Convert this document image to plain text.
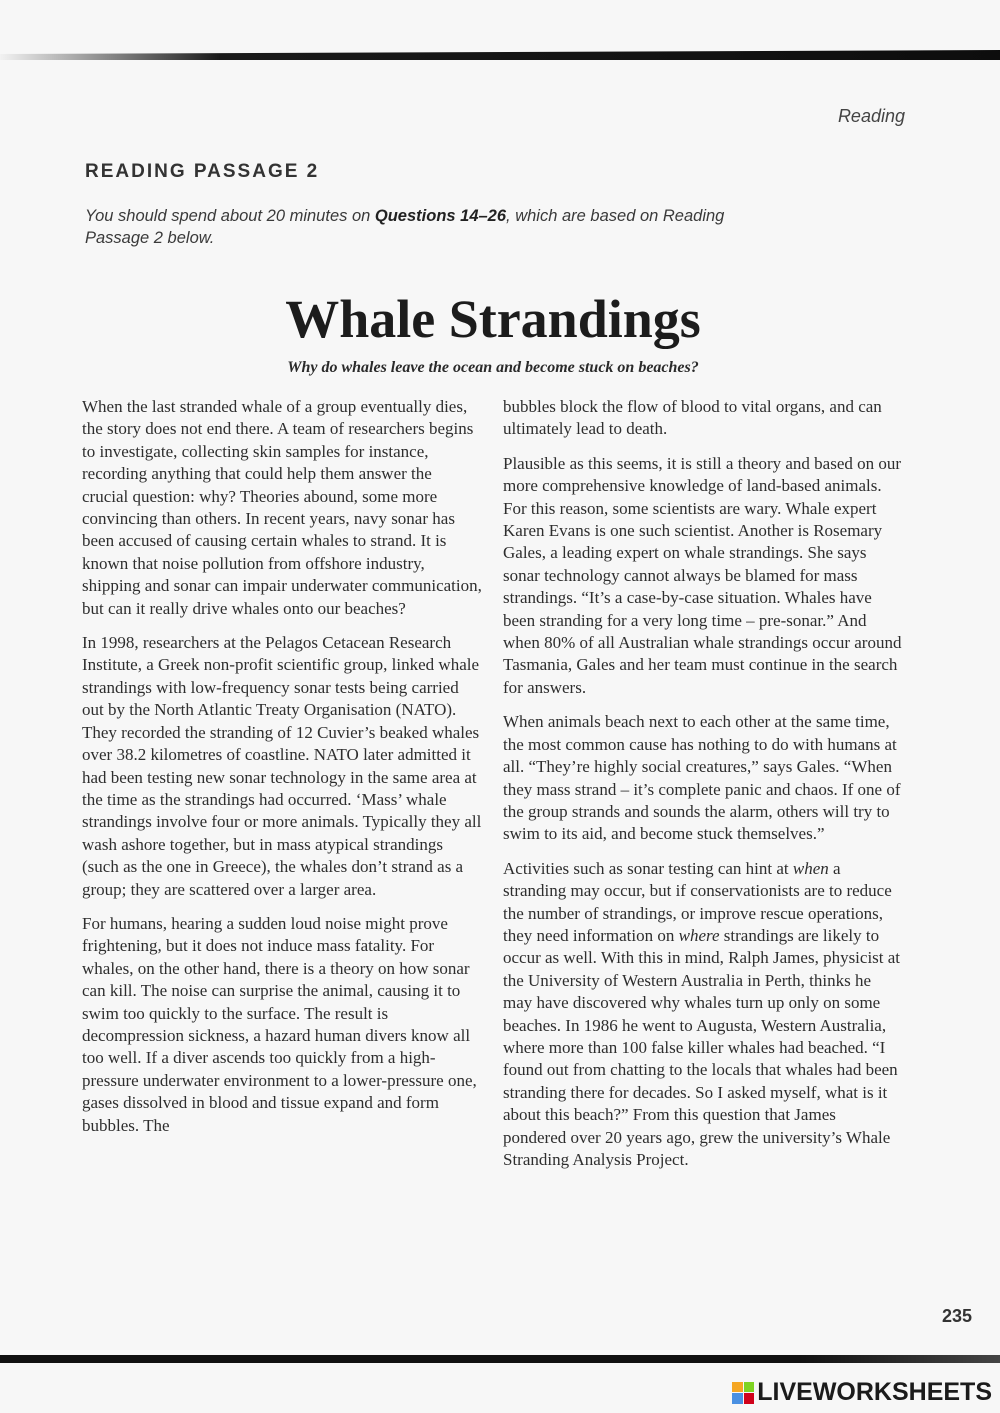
Reading
READING PASSAGE 2

You should spend about 20 minutes on Questions 14–26, which are based on Reading Passage 2 below.

Whale Strandings
Why do whales leave the ocean and become stuck on beaches?

When the last stranded whale of a group eventually dies, the story does not end there. A team of researchers begins to investigate, collecting skin samples for instance, recording anything that could help them answer the crucial question: why? Theories abound, some more convincing than others. In recent years, navy sonar has been accused of causing certain whales to strand. It is known that noise pollution from offshore industry, shipping and sonar can impair underwater communication, but can it really drive whales onto our beaches?

In 1998, researchers at the Pelagos Cetacean Research Institute, a Greek non-profit scientific group, linked whale strandings with low-frequency sonar tests being carried out by the North Atlantic Treaty Organisation (NATO). They recorded the stranding of 12 Cuvier’s beaked whales over 38.2 kilometres of coastline. NATO later admitted it had been testing new sonar technology in the same area at the time as the strandings had occurred. ‘Mass’ whale strandings involve four or more animals. Typically they all wash ashore together, but in mass atypical strandings (such as the one in Greece), the whales don’t strand as a group; they are scattered over a larger area.

For humans, hearing a sudden loud noise might prove frightening, but it does not induce mass fatality. For whales, on the other hand, there is a theory on how sonar can kill. The noise can surprise the animal, causing it to swim too quickly to the surface. The result is decompression sickness, a hazard human divers know all too well. If a diver ascends too quickly from a high-pressure underwater environment to a lower-pressure one, gases dissolved in blood and tissue expand and form bubbles. The

bubbles block the flow of blood to vital organs, and can ultimately lead to death.

Plausible as this seems, it is still a theory and based on our more comprehensive knowledge of land-based animals. For this reason, some scientists are wary. Whale expert Karen Evans is one such scientist. Another is Rosemary Gales, a leading expert on whale strandings. She says sonar technology cannot always be blamed for mass strandings. “It’s a case-by-case situation. Whales have been stranding for a very long time – pre-sonar.” And when 80% of all Australian whale strandings occur around Tasmania, Gales and her team must continue in the search for answers.

When animals beach next to each other at the same time, the most common cause has nothing to do with humans at all. “They’re highly social creatures,” says Gales. “When they mass strand – it’s complete panic and chaos. If one of the group strands and sounds the alarm, others will try to swim to its aid, and become stuck themselves.”

Activities such as sonar testing can hint at when a stranding may occur, but if conservationists are to reduce the number of strandings, or improve rescue operations, they need information on where strandings are likely to occur as well. With this in mind, Ralph James, physicist at the University of Western Australia in Perth, thinks he may have discovered why whales turn up only on some beaches. In 1986 he went to Augusta, Western Australia, where more than 100 false killer whales had beached. “I found out from chatting to the locals that whales had been stranding there for decades. So I asked myself, what is it about this beach?” From this question that James pondered over 20 years ago, grew the university’s Whale Stranding Analysis Project.

235
LIVEWORKSHEETS
